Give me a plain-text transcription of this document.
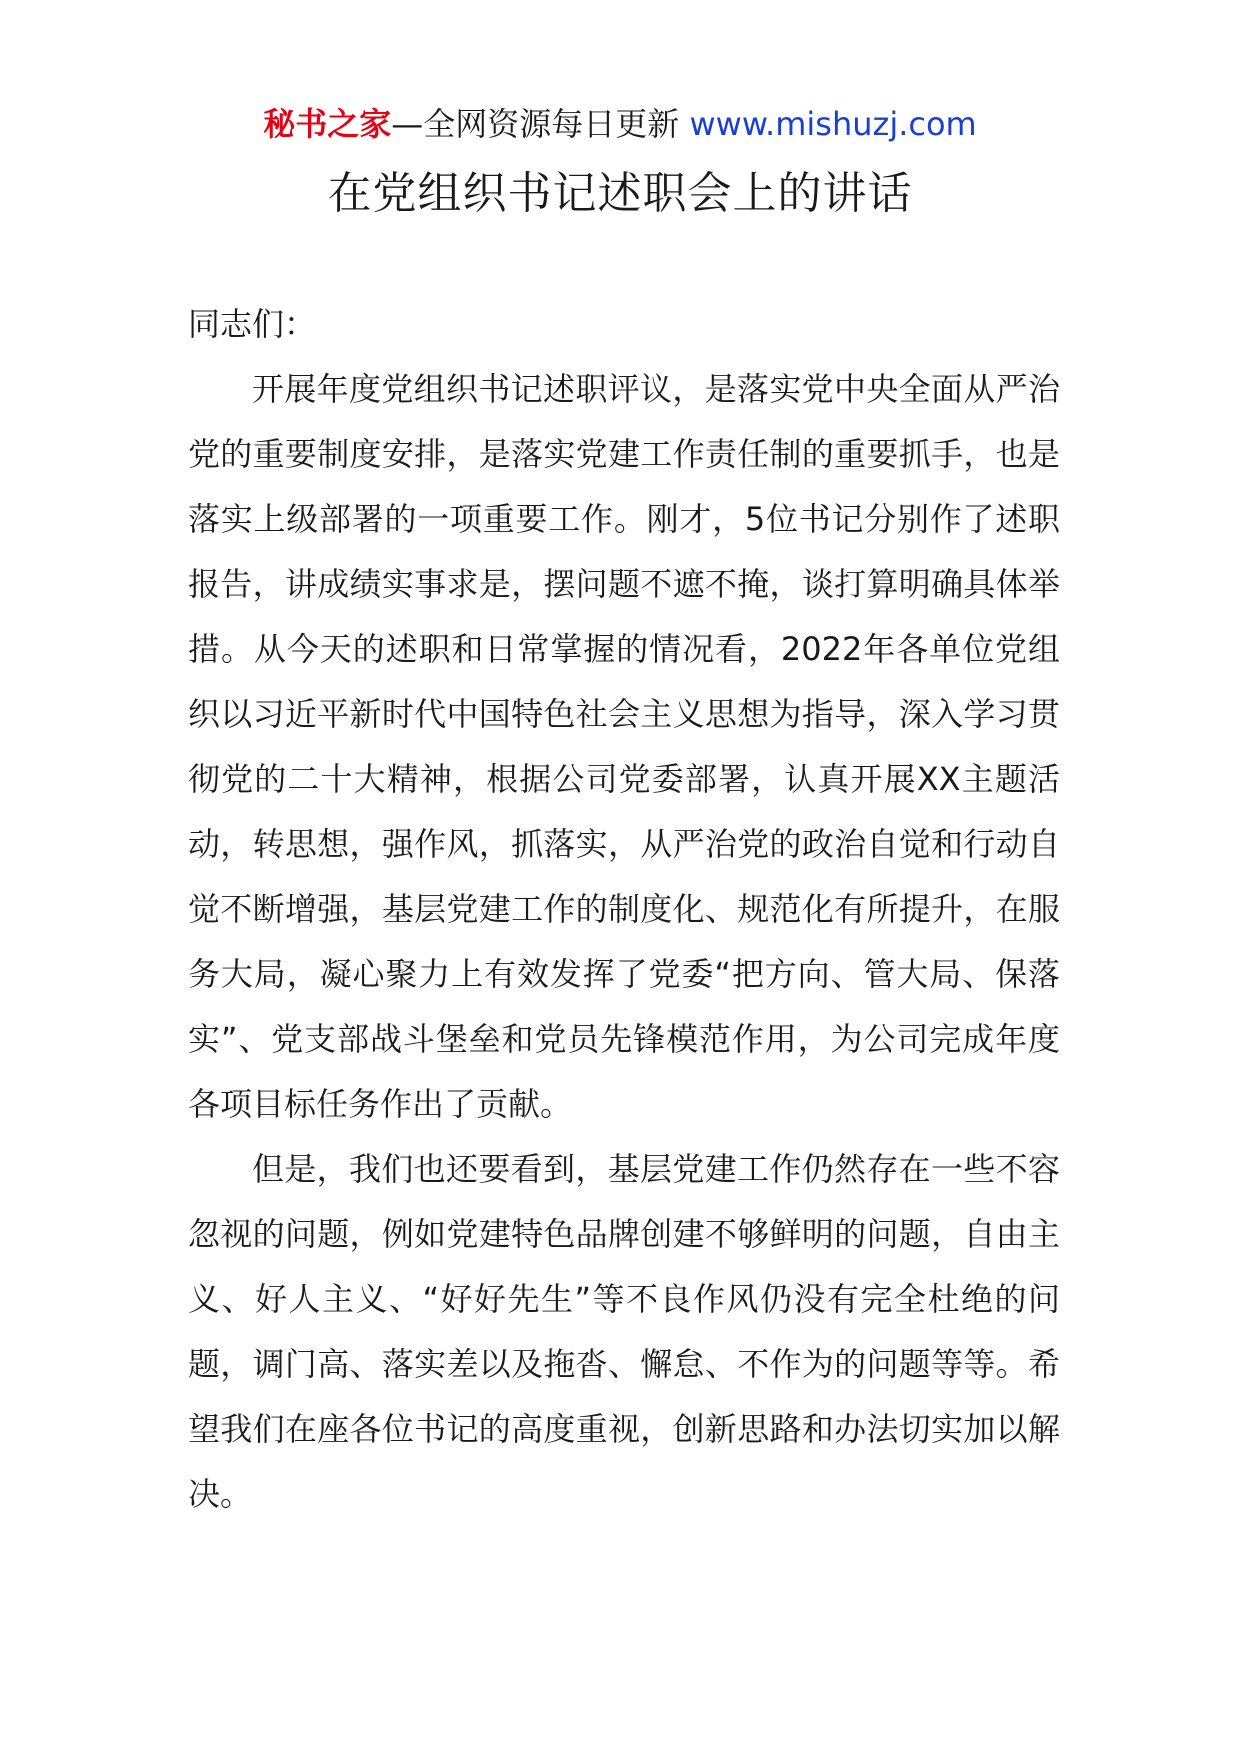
秘书之家—全网资源每日更新 www.mishuzj.com
在党组织书记述职会上的讲话

同志们：

开展年度党组织书记述职评议，是落实党中央全面从严治党的重要制度安排，是落实党建工作责任制的重要抓手，也是落实上级部署的一项重要工作。刚才，5位书记分别作了述职报告，讲成绩实事求是，摆问题不遮不掩，谈打算明确具体举措。从今天的述职和日常掌握的情况看，2022年各单位党组织以习近平新时代中国特色社会主义思想为指导，深入学习贯彻党的二十大精神，根据公司党委部署，认真开展XX主题活动，转思想，强作风，抓落实，从严治党的政治自觉和行动自觉不断增强，基层党建工作的制度化、规范化有所提升，在服务大局，凝心聚力上有效发挥了党委“把方向、管大局、保落实”、党支部战斗堡垒和党员先锋模范作用，为公司完成年度各项目标任务作出了贡献。

但是，我们也还要看到，基层党建工作仍然存在一些不容忽视的问题，例如党建特色品牌创建不够鲜明的问题，自由主义、好人主义、“好好先生”等不良作风仍没有完全杜绝的问题，调门高、落实差以及拖沓、懈怠、不作为的问题等等。希望我们在座各位书记的高度重视，创新思路和办法切实加以解决。
